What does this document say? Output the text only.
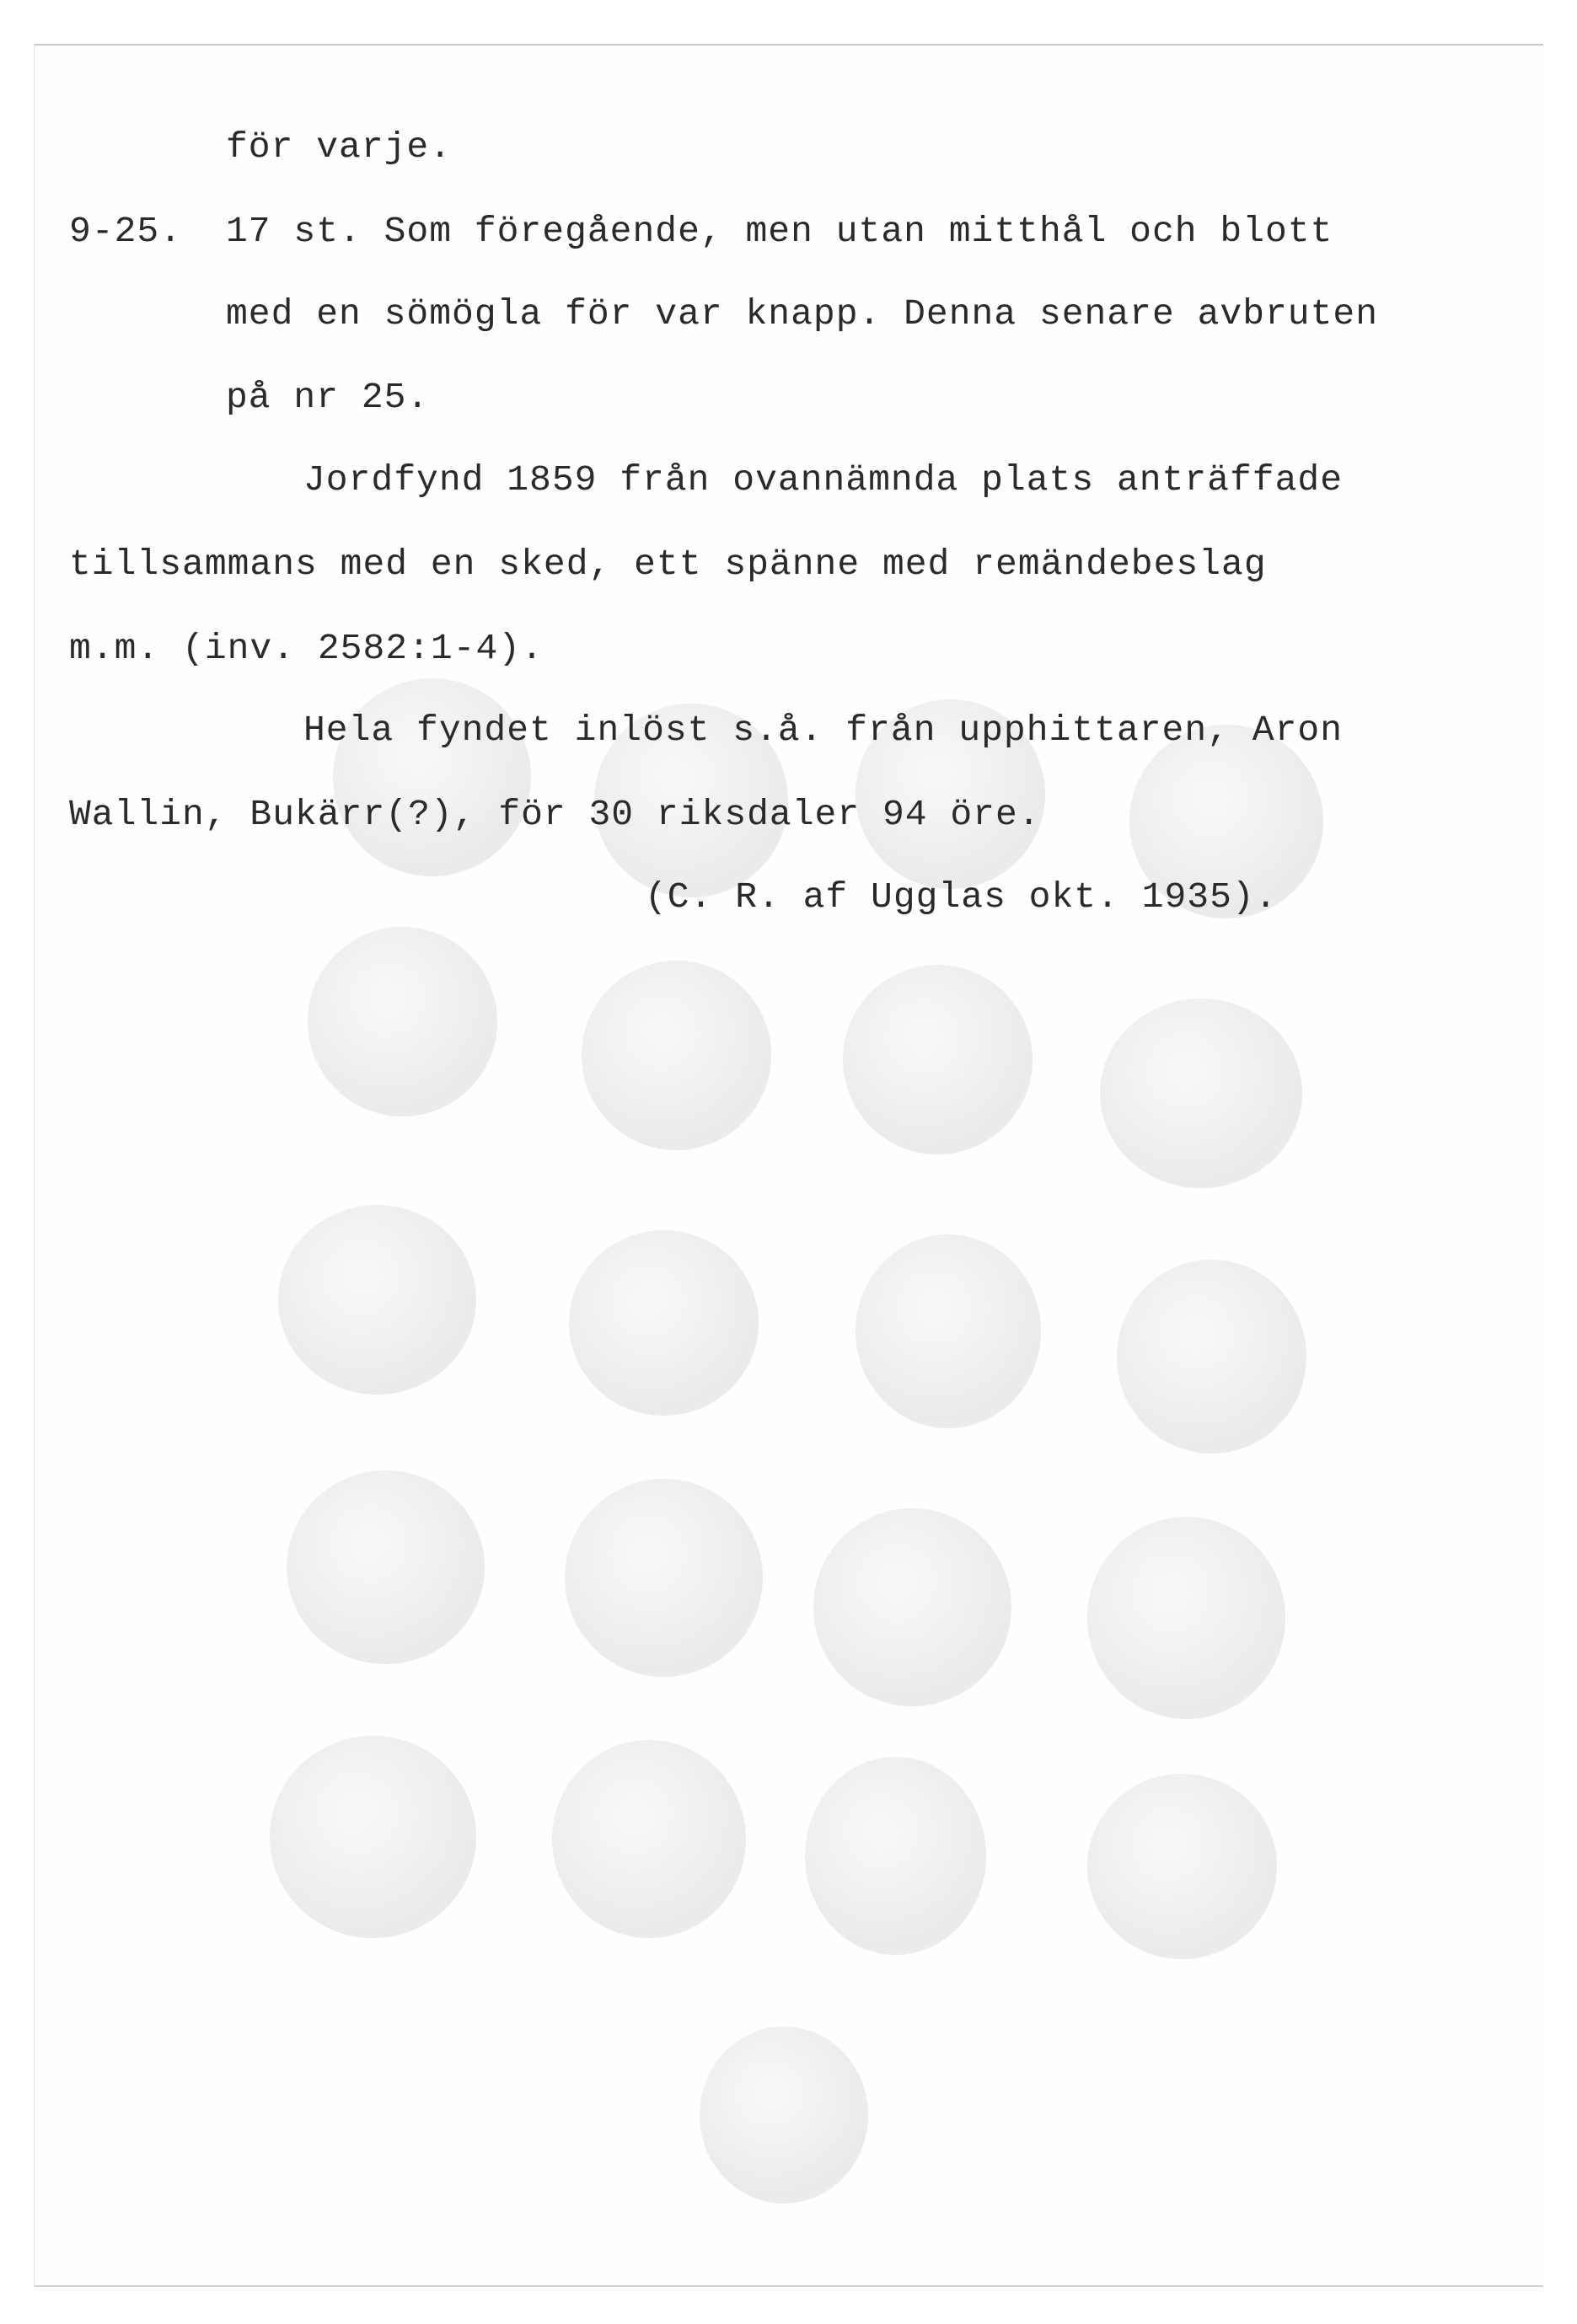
för varje.
9-25. 17 st. Som föregående, men utan mitthål och blott
med en sömögla för var knapp. Denna senare avbruten
på nr 25.
Jordfynd 1859 från ovannämnda plats anträffade
tillsammans med en sked, ett spänne med remändebeslag
m.m. (inv. 2582:1-4).
Hela fyndet inlöst s.å. från upphittaren, Aron
Wallin, Bukärr(?), för 30 riksdaler 94 öre.
(C. R. af Ugglas okt. 1935).
